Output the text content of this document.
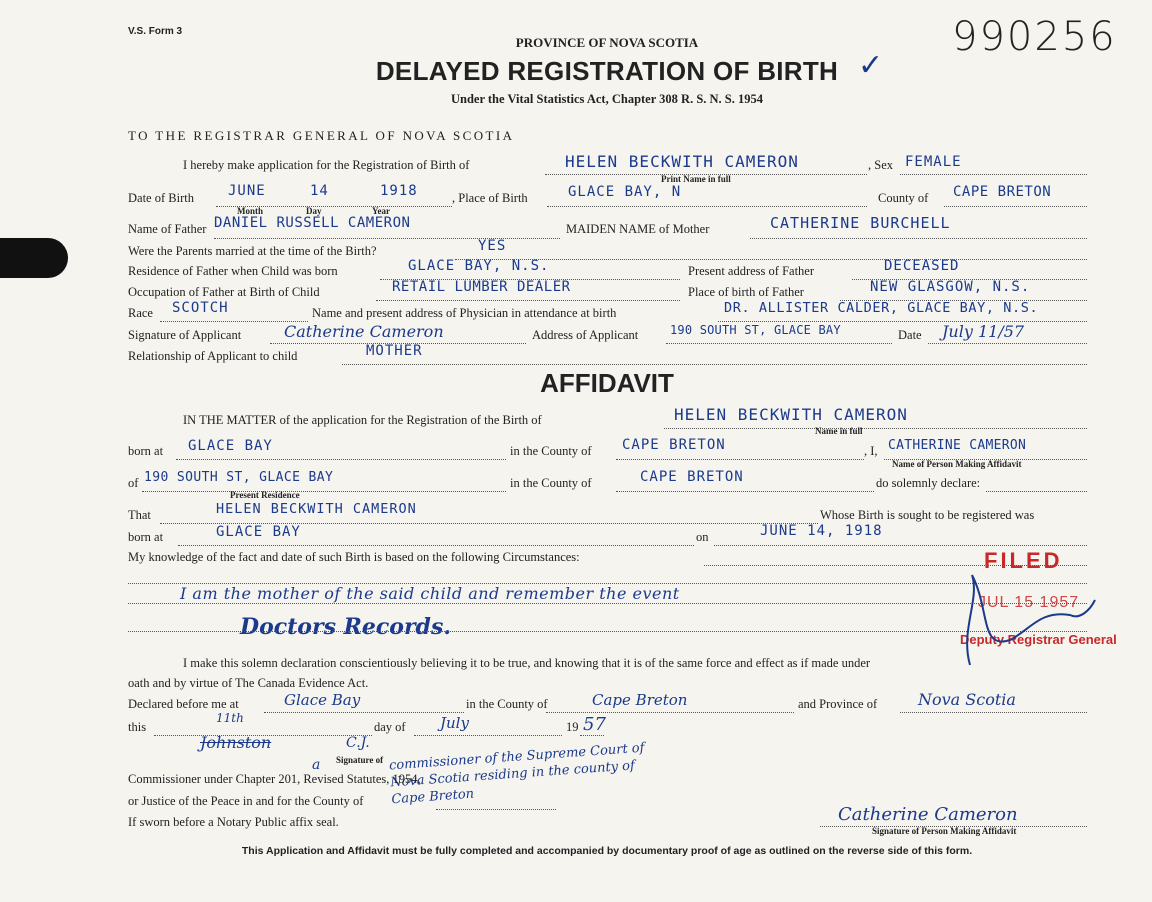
V.S. Form 3	990256
✓
PROVINCE OF NOVA SCOTIA
DELAYED REGISTRATION OF BIRTH
Under the Vital Statistics Act, Chapter 308 R. S. N. S. 1954
TO THE REGISTRAR GENERAL OF NOVA SCOTIA
I hereby make application for the Registration of Birth of	HELEN BECKWITH CAMERON
Print Name in full
, Sex FEMALE
Date of Birth JUNE	14	1918
Month	Day	Year
, Place of Birth	GLACE BAY, N	County of CAPE BRETON
Name of Father DANIEL RUSSELL CAMERON	MAIDEN NAME of Mother	CATHERINE BURCHELL
Were the Parents married at the time of the Birth?	YES
Residence of Father when Child was born	GLACE BAY, N.S.	Present address of Father	DECEASED
Occupation of Father at Birth of Child	RETAIL LUMBER DEALER	Place of birth of Father	NEW GLASGOW, N.S.
Race SCOTCH	Name and present address of Physician in attendance at birth	DR. ALLISTER CALDER, GLACE BAY, N.S.
Signature of Applicant	Catherine Cameron	Address of Applicant	190 SOUTH ST, GLACE BAY	Date July 11/57
Relationship of Applicant to child	MOTHER
AFFIDAVIT
IN THE MATTER of the application for the Registration of the Birth of	HELEN BECKWITH CAMERON
Name in full
born at GLACE BAY	in the County of CAPE BRETON	, I, CATHERINE CAMERON
Name of Person Making Affidavit
of 190 SOUTH ST, GLACE BAY
Present Residence
in the County of	CAPE BRETON	do solemnly declare:
That	HELEN BECKWITH CAMERON	Whose Birth is sought to be registered was
born at	GLACE BAY	on	JUNE 14, 1918
My knowledge of the fact and date of such Birth is based on the following Circumstances:
I am the mother of the said child and remember the event
Doctors Records.
I make this solemn declaration conscientiously believing it to be true, and knowing that it is of the same force and effect as if made under
oath and by virtue of The Canada Evidence Act.
Declared before me at	Glace Bay	in the County of	Cape Breton	and Province of	Nova Scotia
this
11th
day of July	19 57
Johnston	C.J.
Signature of
a	commissioner of the Supreme Court of Nova Scotia residing in the county of Cape Breton
Commissioner under Chapter 201, Revised Statutes, 1954,
or Justice of the Peace in and for the County of
If sworn before a Notary Public affix seal.	Catherine Cameron
Signature of Person Making Affidavit
FILED
JUL 15 1957
Deputy Registrar General
This Application and Affidavit must be fully completed and accompanied by documentary proof of age as outlined on the reverse side of this form.
